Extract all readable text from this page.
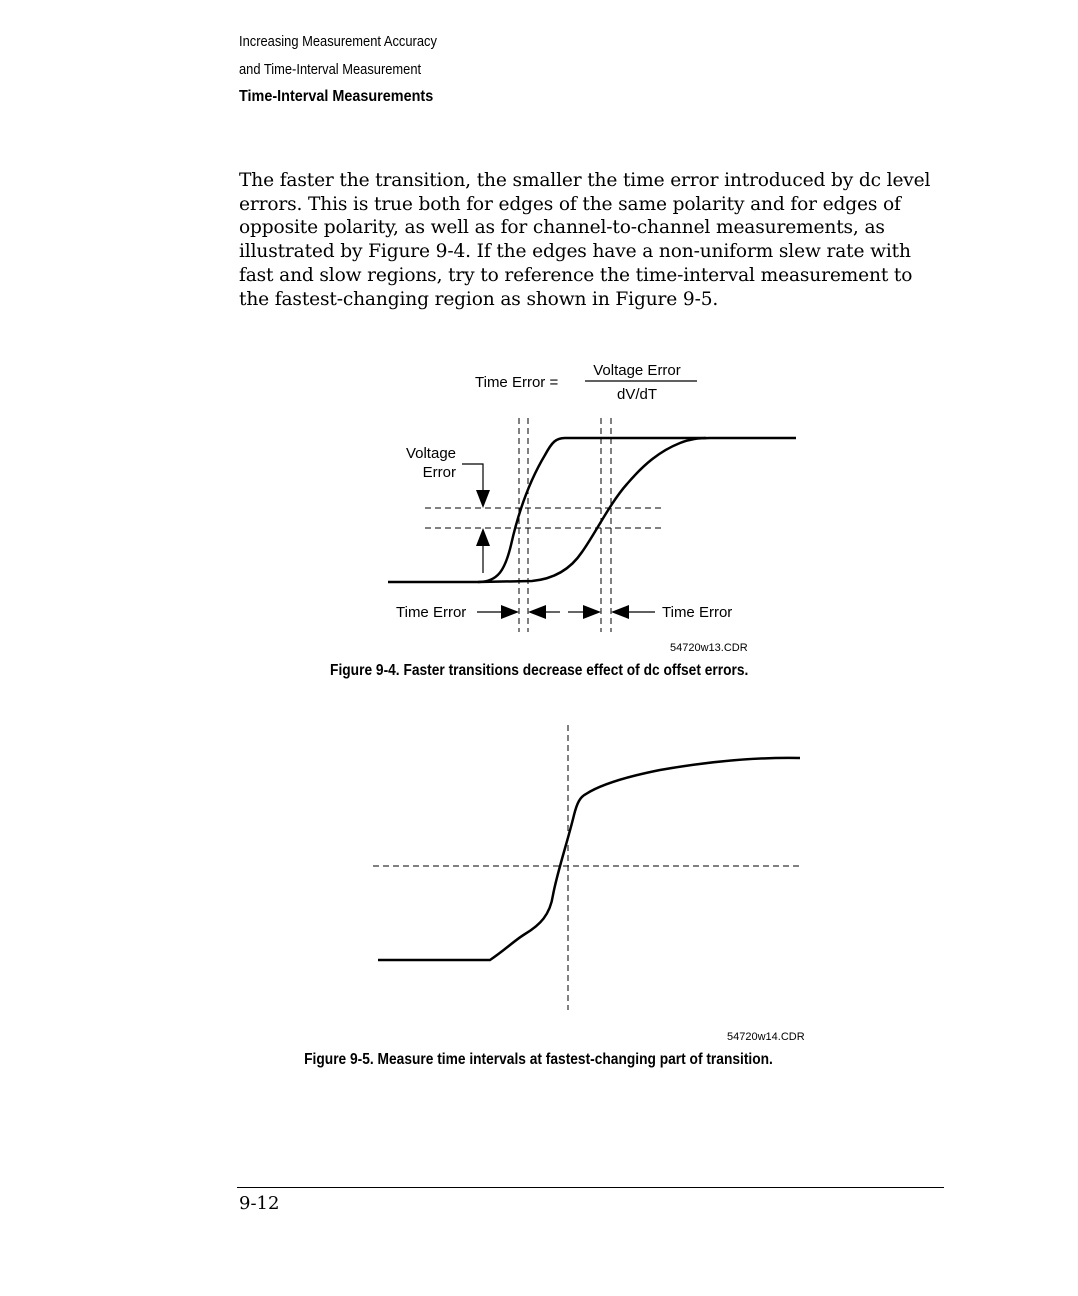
Increasing Measurement Accuracy
and Time-Interval Measurement
Time-Interval Measurements

The faster the transition, the smaller the time error introduced by dc level errors. This is true both for edges of the same polarity and for edges of opposite polarity, as well as for channel-to-channel measurements, as illustrated by Figure 9-4. If the edges have a non-uniform slew rate with fast and slow regions, try to reference the time-interval measurement to the fastest-changing region as shown in Figure 9-5.

Time Error =
Voltage Error
dV/dT
Voltage
Error
Time Error	Time Error
54720w13.CDR
Figure 9-4. Faster transitions decrease effect of dc offset errors.
54720w14.CDR
Figure 9-5. Measure time intervals at fastest-changing part of transition.
9-12
